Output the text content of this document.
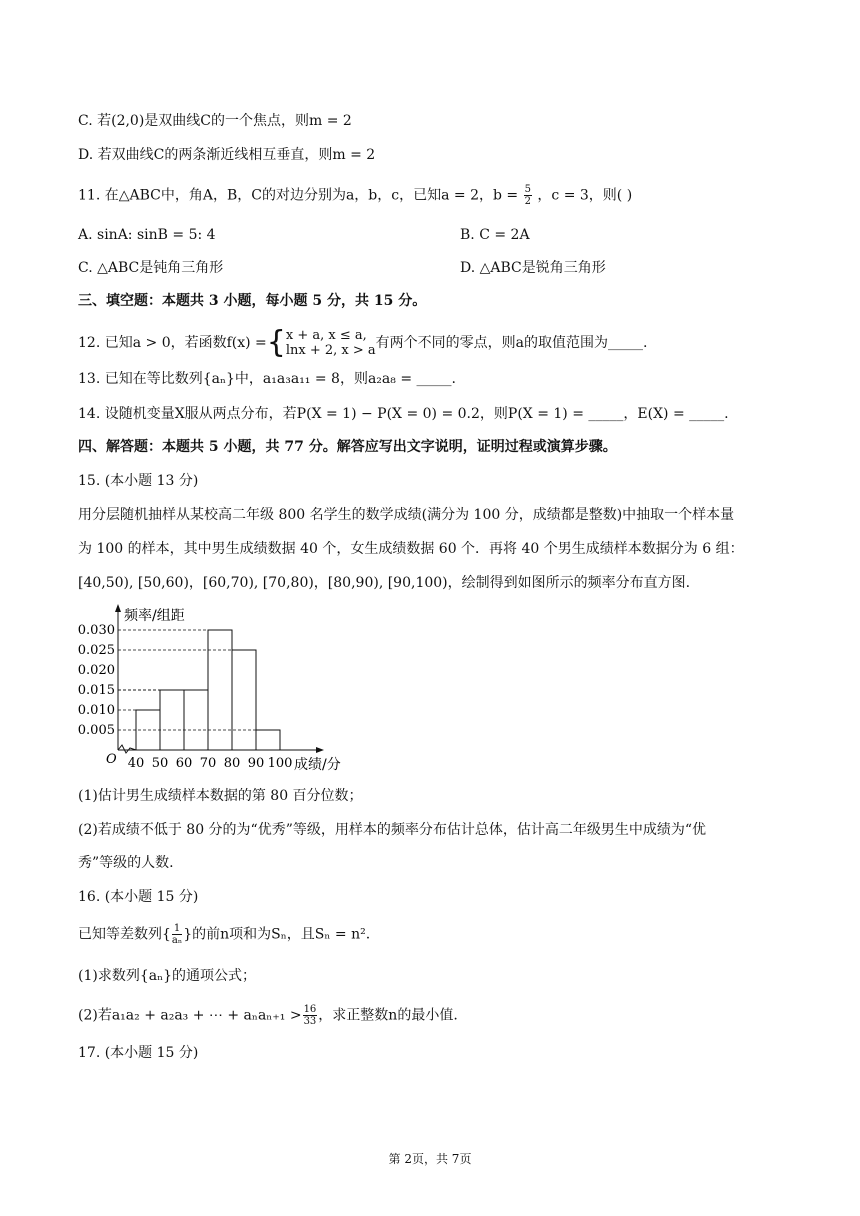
C. 若(2,0)是双曲线C的一个焦点，则m = 2
D. 若双曲线C的两条渐近线相互垂直，则m = 2
11. 在△ABC中，角A，B，C的对边分别为a，b，c，已知a = 2，$b = \frac{5}{2}$ ，c = 3，则( )
A. sinA: sinB = 5: 4	B. C = 2A
C. △ABC是钝角三角形	D. △ABC是锐角三角形
三、填空题：本题共 3 小题，每小题 5 分，共 15 分。
12. 已知a > 0，若函数f(x) ={ x + a, x ≤ a,
lnx + 2, x > a 有两个不同的零点，则a的取值范围为_____.
13. 已知在等比数列{aₙ}中，a₁a₃a₁₁ = 8，则a₂a₈ = _____.
14. 设随机变量X服从两点分布，若P(X = 1) − P(X = 0) = 0.2，则P(X = 1) = _____，E(X) = _____.
四、解答题：本题共 5 小题，共 77 分。解答应写出文字说明，证明过程或演算步骤。
15. (本小题 13 分)
用分层随机抽样从某校高二年级 800 名学生的数学成绩(满分为 100 分，成绩都是整数)中抽取一个样本量
为 100 的样本，其中男生成绩数据 40 个，女生成绩数据 60 个．再将 40 个男生成绩样本数据分为 6 组：
[40,50), [50,60)，[60,70), [70,80)，[80,90), [90,100)，绘制得到如图所示的频率分布直方图.
0.005
0.010
0.015
0.020
0.025
0.030
40 50 60 70 80 90 100
O
频率/组距
成绩/分
(1)估计男生成绩样本数据的第 80 百分位数；
(2)若成绩不低于 80 分的为“优秀”等级，用样本的频率分布估计总体，估计高二年级男生中成绩为“优
秀”等级的人数.
16. (本小题 15 分)
已知等差数列{ $\frac{1}{\text{aₙ}}$ }的前n项和为Sₙ，且Sₙ = n².
(1)求数列{aₙ}的通项公式；
(2)若a₁a₂ + a₂a₃ + ⋯ + $a_na_{n+1} > \frac{16}{33}$ ，求正整数n的最小值.
17. (本小题 15 分)
第 2页，共 7页
